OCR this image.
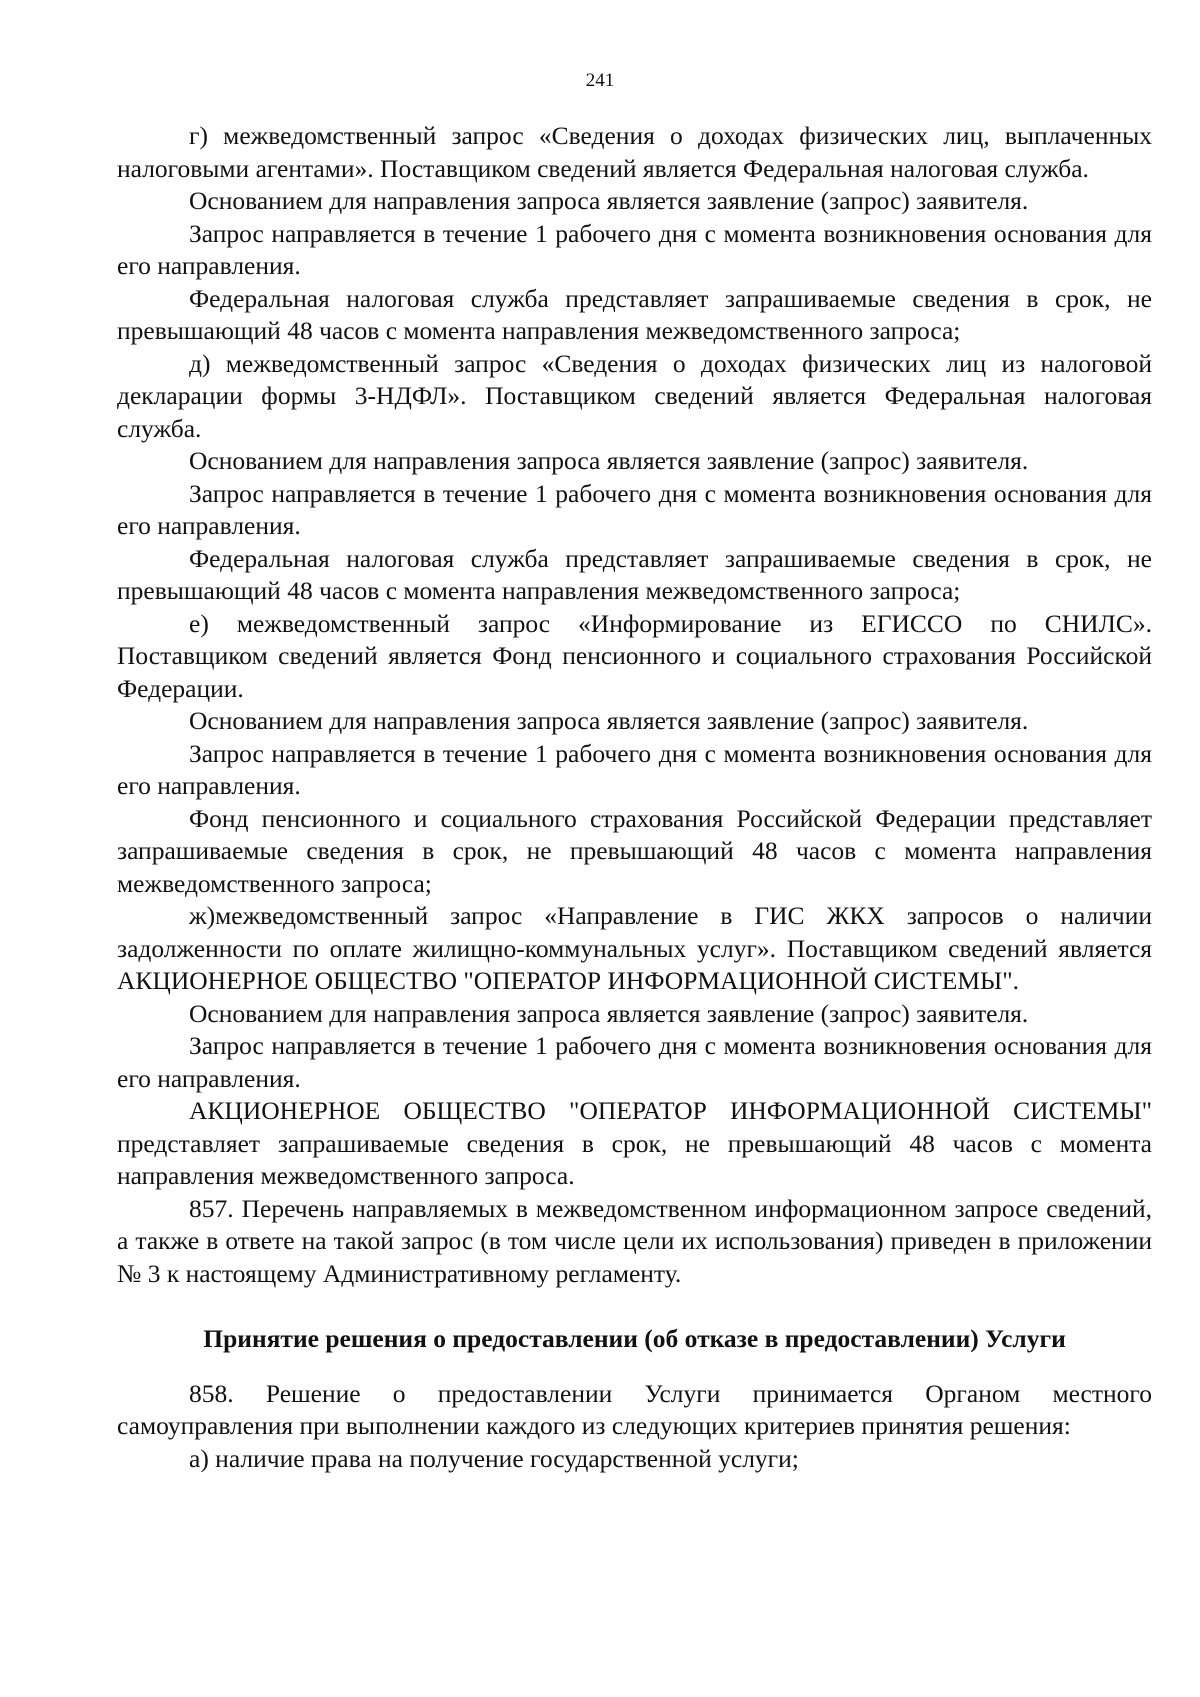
241

г) межведомственный запрос «Сведения о доходах физических лиц, выплаченных налоговыми агентами». Поставщиком сведений является Федеральная налоговая служба.

Основанием для направления запроса является заявление (запрос) заявителя.

Запрос направляется в течение 1 рабочего дня с момента возникновения основания для его направления.

Федеральная налоговая служба представляет запрашиваемые сведения в срок, не превышающий 48 часов с момента направления межведомственного запроса;

д) межведомственный запрос «Сведения о доходах физических лиц из налоговой декларации формы 3-НДФЛ». Поставщиком сведений является Федеральная налоговая служба.

Основанием для направления запроса является заявление (запрос) заявителя.

Запрос направляется в течение 1 рабочего дня с момента возникновения основания для его направления.

Федеральная налоговая служба представляет запрашиваемые сведения в срок, не превышающий 48 часов с момента направления межведомственного запроса;

е) межведомственный запрос «Информирование из ЕГИССО по СНИЛС». Поставщиком сведений является Фонд пенсионного и социального страхования Российской Федерации.

Основанием для направления запроса является заявление (запрос) заявителя.

Запрос направляется в течение 1 рабочего дня с момента возникновения основания для его направления.

Фонд пенсионного и социального страхования Российской Федерации представляет запрашиваемые сведения в срок, не превышающий 48 часов с момента направления межведомственного запроса;

ж)межведомственный запрос «Направление в ГИС ЖКХ запросов о наличии задолженности по оплате жилищно-коммунальных услуг». Поставщиком сведений является АКЦИОНЕРНОЕ ОБЩЕСТВО "ОПЕРАТОР ИНФОРМАЦИОННОЙ СИСТЕМЫ".

Основанием для направления запроса является заявление (запрос) заявителя.

Запрос направляется в течение 1 рабочего дня с момента возникновения основания для его направления.

АКЦИОНЕРНОЕ ОБЩЕСТВО "ОПЕРАТОР ИНФОРМАЦИОННОЙ СИСТЕМЫ" представляет запрашиваемые сведения в срок, не превышающий 48 часов с момента направления межведомственного запроса.

857. Перечень направляемых в межведомственном информационном запросе сведений, а также в ответе на такой запрос (в том числе цели их использования) приведен в приложении № 3 к настоящему Административному регламенту.

Принятие решения о предоставлении (об отказе в предоставлении) Услуги

858. Решение о предоставлении Услуги принимается Органом местного самоуправления при выполнении каждого из следующих критериев принятия решения:

а) наличие права на получение государственной услуги;
